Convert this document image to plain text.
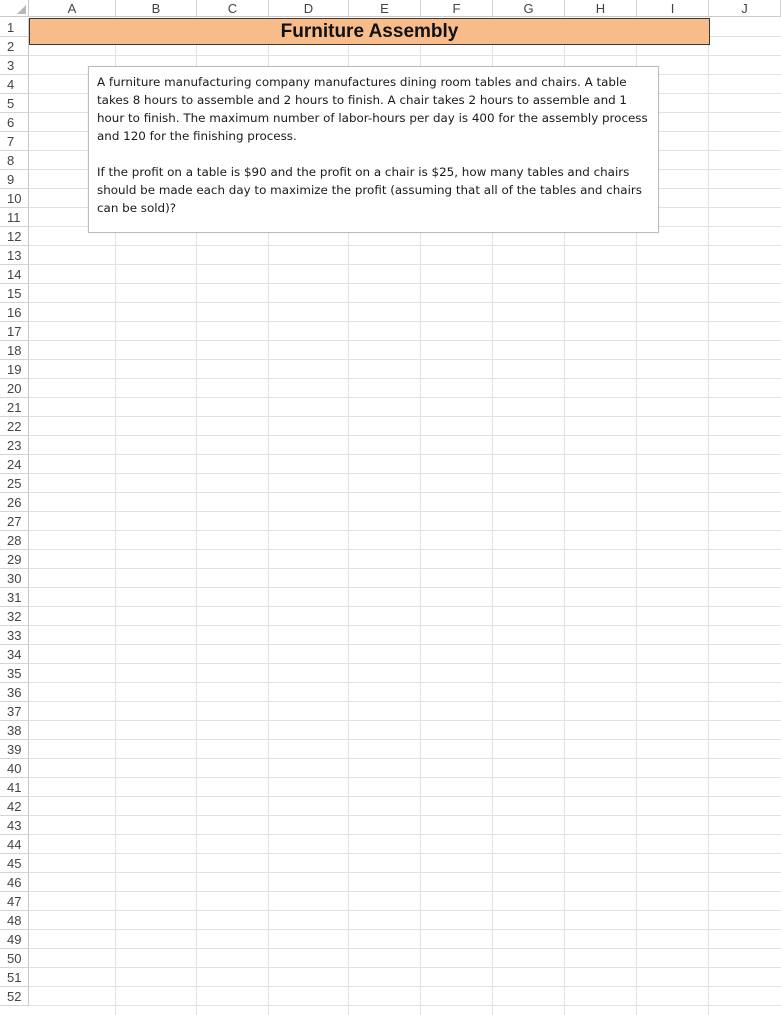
A	B	C	D	E	F	G	H	I	J
1
2
3
4
5
6
7
8
9
10
11
12
13
14
15
16
17
18
19
20
21
22
23
24
25
26
27
28
29
30
31
32
33
34
35
36
37
38
39
40
41
42
43
44
45
46
47
48
49
50
51
52
Furniture Assembly

A furniture manufacturing company manufactures dining room tables and chairs. A table takes 8 hours to assemble and 2 hours to finish. A chair takes 2 hours to assemble and 1 hour to finish. The maximum number of labor-hours per day is 400 for the assembly process and 120 for the finishing process.

If the profit on a table is $90 and the profit on a chair is $25, how many tables and chairs should be made each day to maximize the profit (assuming that all of the tables and chairs can be sold)?
